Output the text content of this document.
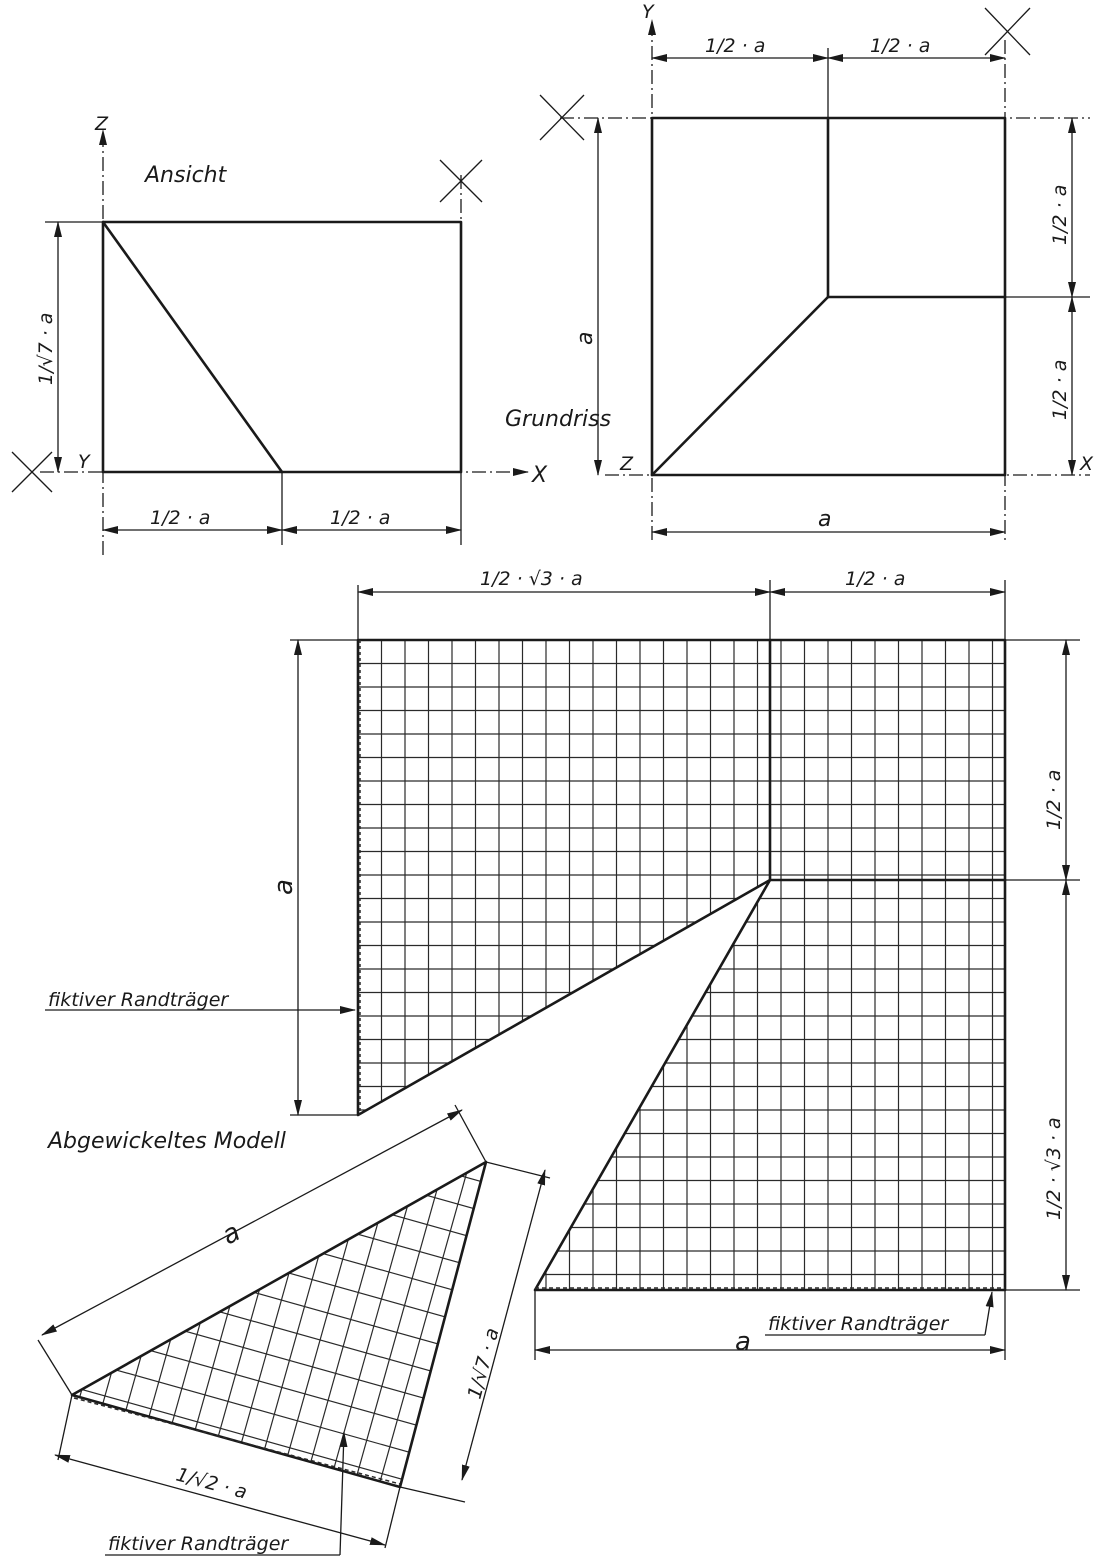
Ansicht
Z
Y
X
1/√7 · a
1/2 · a	1/2 · a
Grundriss
Y
X
Z
1/2 · a	1/2 · a
a
1/2 · a
1/2 · a
a
1/2 · √3 · a	1/2 · a
a
1/2 · a
1/2 · √3 · a
a
Abgewickeltes Modell
a
1/√7 · a
1/√2 · a
fiktiver Randträger
fiktiver Randträger
fiktiver Randträger
